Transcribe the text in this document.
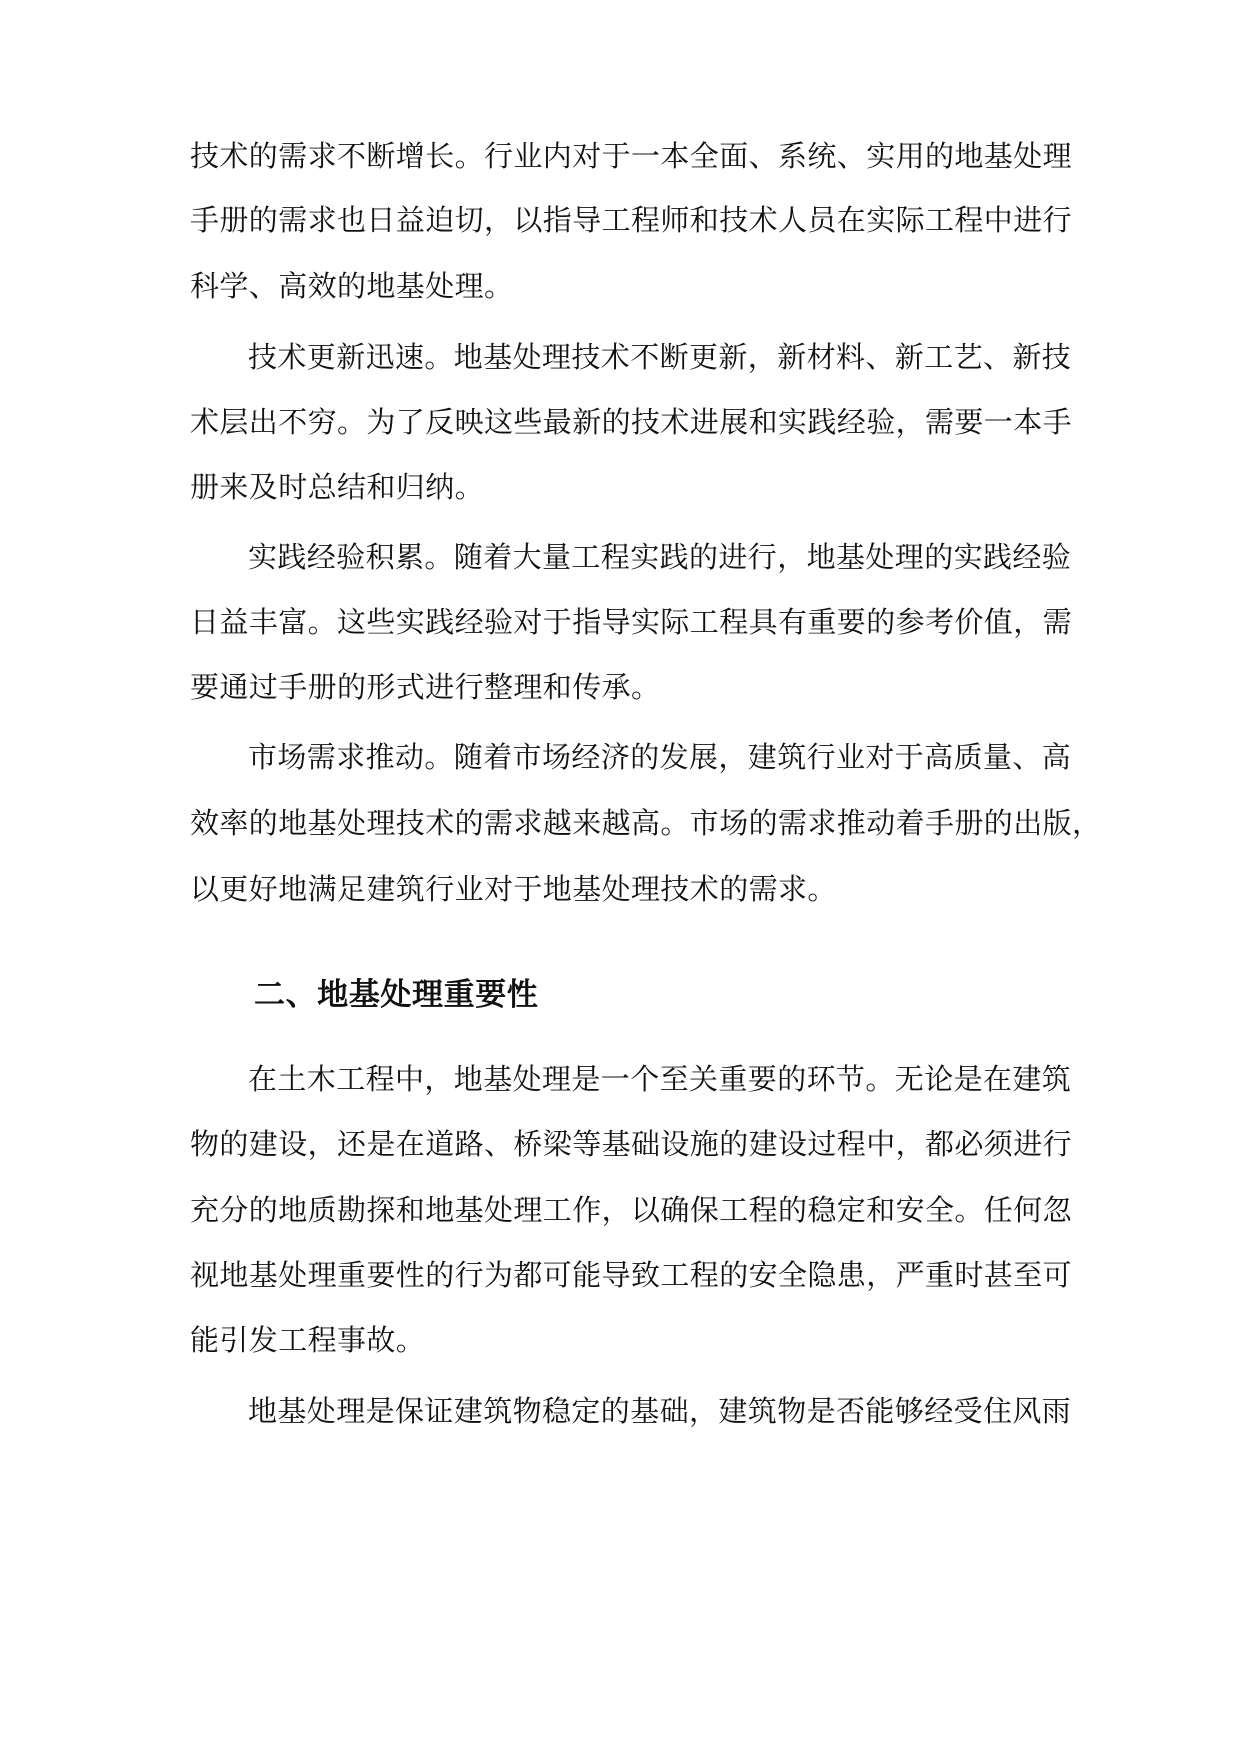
技术的需求不断增长。行业内对于一本全面、系统、实用的地基处理
手册的需求也日益迫切，以指导工程师和技术人员在实际工程中进行
科学、高效的地基处理。
技术更新迅速。地基处理技术不断更新，新材料、新工艺、新技
术层出不穷。为了反映这些最新的技术进展和实践经验，需要一本手
册来及时总结和归纳。
实践经验积累。随着大量工程实践的进行，地基处理的实践经验
日益丰富。这些实践经验对于指导实际工程具有重要的参考价值，需
要通过手册的形式进行整理和传承。
市场需求推动。随着市场经济的发展，建筑行业对于高质量、高
效率的地基处理技术的需求越来越高。市场的需求推动着手册的出版，
以更好地满足建筑行业对于地基处理技术的需求。
二、地基处理重要性
在土木工程中，地基处理是一个至关重要的环节。无论是在建筑
物的建设，还是在道路、桥梁等基础设施的建设过程中，都必须进行
充分的地质勘探和地基处理工作，以确保工程的稳定和安全。任何忽
视地基处理重要性的行为都可能导致工程的安全隐患，严重时甚至可
能引发工程事故。
地基处理是保证建筑物稳定的基础，建筑物是否能够经受住风雨
